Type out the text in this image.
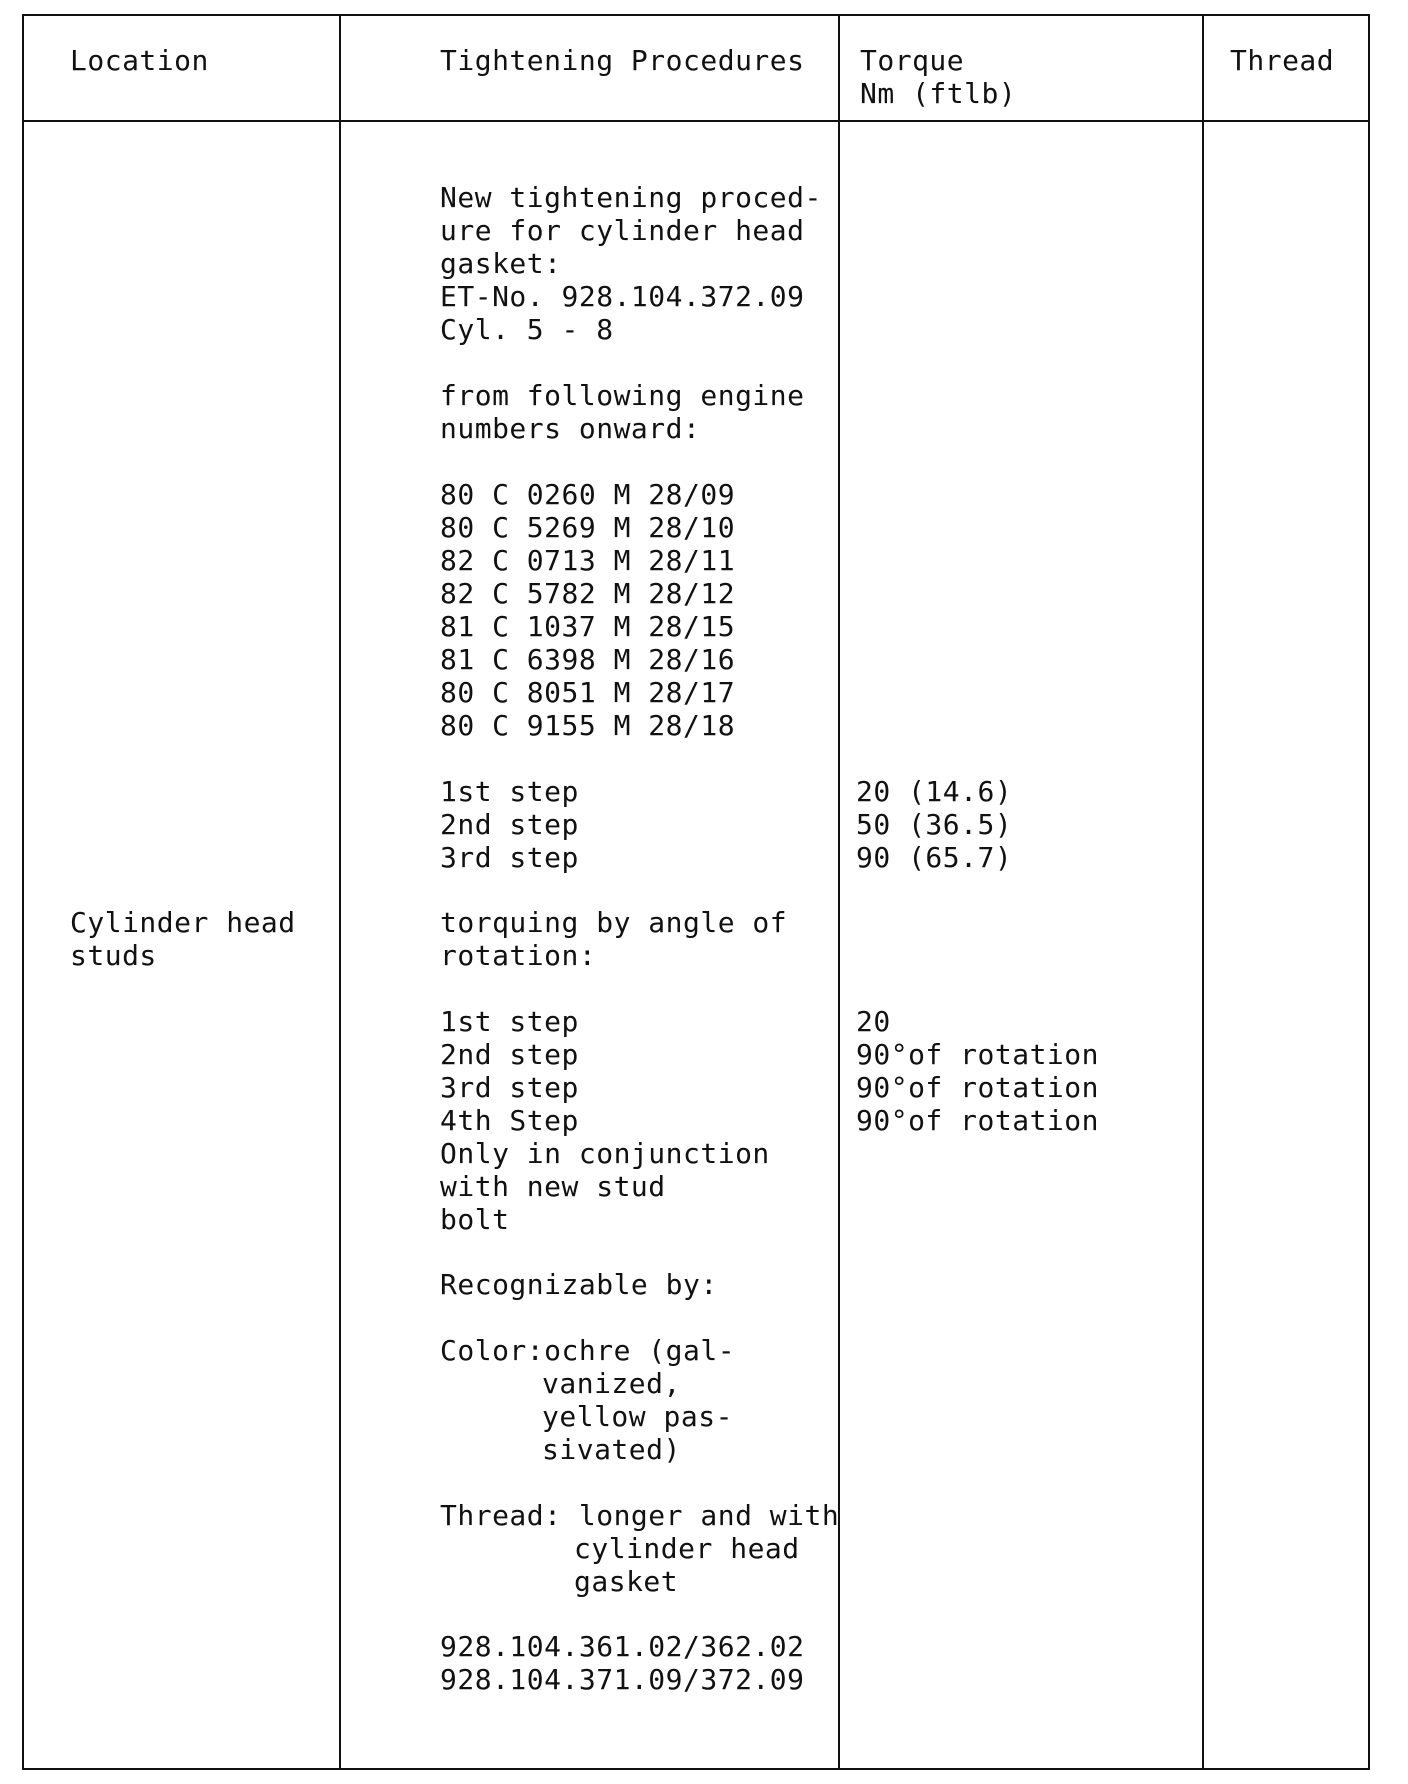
Location	Tightening Procedures Torque
Nm (ftlb)
Thread
Cylinder head
studs
New tightening proced-
ure for cylinder head
gasket:
ET-No. 928.104.372.09
Cyl. 5 - 8
from following engine
numbers onward:
80 C 0260 M 28/09
80 C 5269 M 28/10
82 C 0713 M 28/11
82 C 5782 M 28/12
81 C 1037 M 28/15
81 C 6398 M 28/16
80 C 8051 M 28/17
80 C 9155 M 28/18
1st step
2nd step
3rd step
torquing by angle of
rotation:
1st step
2nd step
3rd step
4th Step
Only in conjunction
with new stud
bolt
Recognizable by:
Color:ochre (gal-
vanized,
yellow pas-
sivated)
Thread: longer and with
cylinder head
gasket
928.104.361.02/362.02
928.104.371.09/372.09
20 (14.6)
50 (36.5)
90 (65.7)
20
90°of rotation
90°of rotation
90°of rotation
